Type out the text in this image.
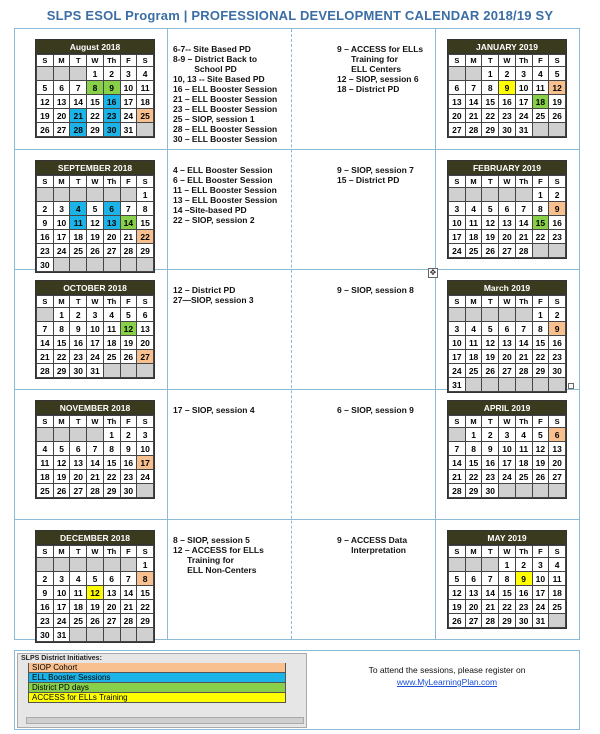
SLPS ESOL Program | PROFESSIONAL DEVELOPMENT CALENDAR 2018/19 SY
August 2018
S	M	T	W	Th	F	S
			1	2	3	4
5	6	7	8	9	10	11
12	13	14	15	16	17	18
19	20	21	22	23	24	25
26	27	28	29	30	31	
JANUARY 2019
S	M	T	W	Th	F	S
		1	2	3	4	5
6	7	8	9	10	11	12
13	14	15	16	17	18	19
20	21	22	23	24	25	26
27	28	29	30	31		
6-7-- Site Based PD
8-9 – District Back to
School PD
10, 13 -- Site Based PD
16 – ELL Booster Session
21 – ELL Booster Session
23 – ELL Booster Session
25 – SIOP, session 1
28 – ELL Booster Session
30 – ELL Booster Session
9 – ACCESS for ELLs
Training for
ELL Centers
12 – SIOP, session 6
18 – District PD
SEPTEMBER 2018
S	M	T	W	Th	F	S
						1
2	3	4	5	6	7	8
9	10	11	12	13	14	15
16	17	18	19	20	21	22
23	24	25	26	27	28	29
30						
FEBRUARY 2019
S	M	T	W	Th	F	S
					1	2
3	4	5	6	7	8	9
10	11	12	13	14	15	16
17	18	19	20	21	22	23
24	25	26	27	28		
4 – ELL Booster Session
6 – ELL Booster Session
11 – ELL Booster Session
13 – ELL Booster Session
14 –Site-based PD
22 – SIOP, session 2
9 – SIOP, session 7
15 – District PD
OCTOBER 2018
S	M	T	W	Th	F	S
	1	2	3	4	5	6
7	8	9	10	11	12	13
14	15	16	17	18	19	20
21	22	23	24	25	26	27
28	29	30	31			
March 2019
S	M	T	W	Th	F	S
					1	2
3	4	5	6	7	8	9
10	11	12	13	14	15	16
17	18	19	20	21	22	23
24	25	26	27	28	29	30
31						
12 – District PD
27—SIOP, session 3
9 – SIOP, session 8
NOVEMBER 2018
S	M	T	W	Th	F	S
				1	2	3
4	5	6	7	8	9	10
11	12	13	14	15	16	17
18	19	20	21	22	23	24
25	26	27	28	29	30	
APRIL 2019
S	M	T	W	Th	F	S
	1	2	3	4	5	6
7	8	9	10	11	12	13
14	15	16	17	18	19	20
21	22	23	24	25	26	27
28	29	30				
17 – SIOP, session 4	6 – SIOP, session 9
DECEMBER 2018
S	M	T	W	Th	F	S
						1
2	3	4	5	6	7	8
9	10	11	12	13	14	15
16	17	18	19	20	21	22
23	24	25	26	27	28	29
30	31					
MAY 2019
S	M	T	W	Th	F	S
			1	2	3	4
5	6	7	8	9	10	11
12	13	14	15	16	17	18
19	20	21	22	23	24	25
26	27	28	29	30	31	
8 – SIOP, session 5
12 – ACCESS for ELLs
Training for
ELL Non-Centers
9 – ACCESS Data
Interpretation
✥
SLPS District Initiatives:
SIOP Cohort
ELL Booster Sessions
District PD days
ACCESS for ELLs Training
To attend the sessions, please register on
www.MyLearningPlan.com
